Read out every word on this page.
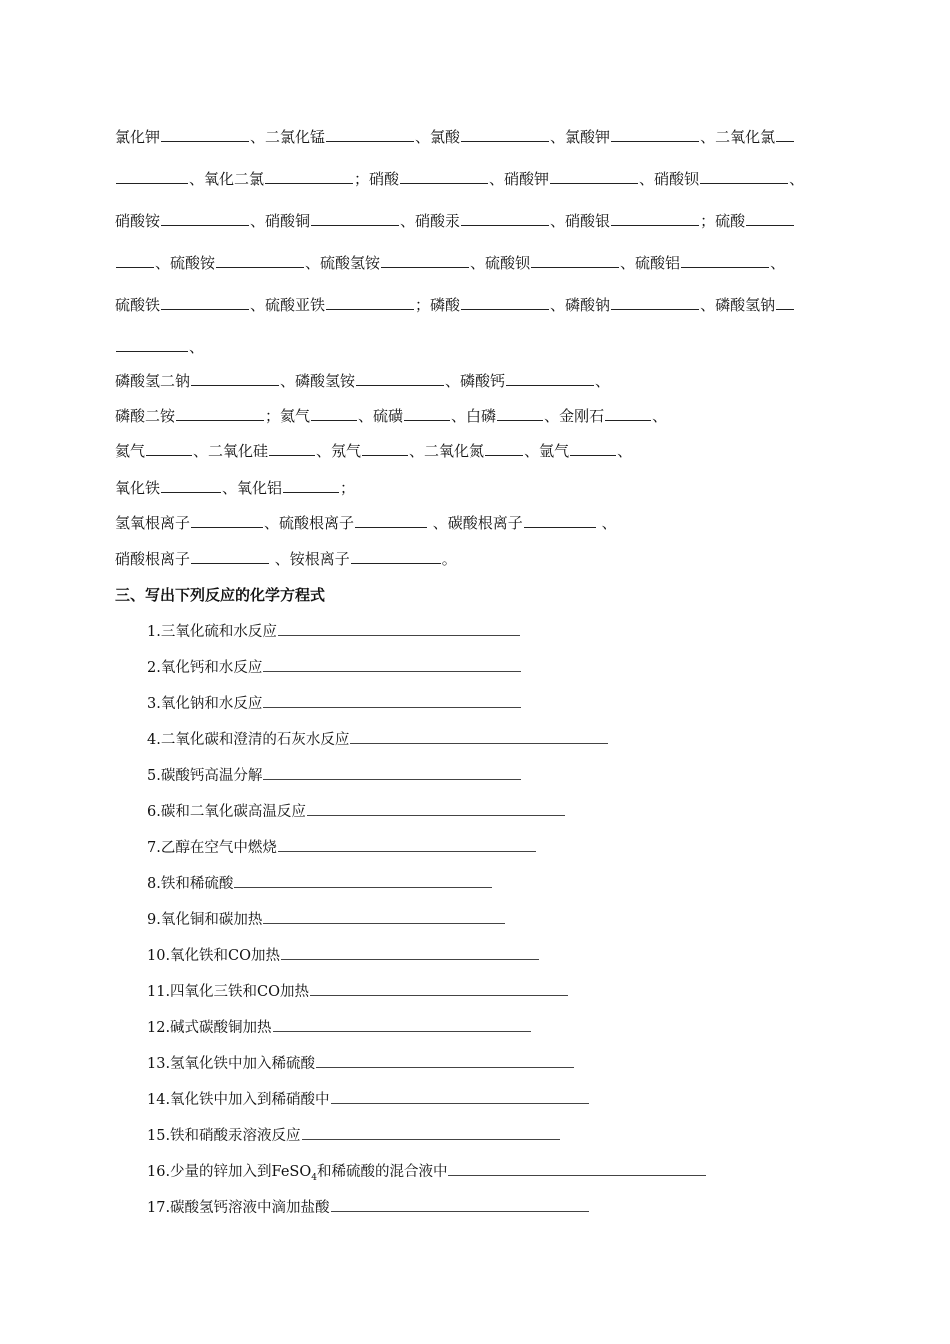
氯化钾	、二氯化锰	、氯酸	、氯酸钾	、二氧化氯
、氧化二氯	；硝酸	、硝酸钾	、硝酸钡	、
硝酸铵	、硝酸铜	、硝酸汞	、硝酸银	；硫酸
、硫酸铵	、硫酸氢铵	、硫酸钡	、硫酸铝	、
硫酸铁	、硫酸亚铁	；磷酸	、磷酸钠	、磷酸氢钠
、
磷酸氢二钠	、磷酸氢铵	、磷酸钙	、
磷酸二铵	；氦气	、硫磺	、白磷	、金刚石	、
氦气	、二氧化硅	、氖气	、二氧化氮	、氩气	、
氧化铁	、氧化铝	；
氢氧根离子	、硫酸根离子	、碳酸根离子	、
硝酸根离子	、铵根离子	。
三、写出下列反应的化学方程式
1.三氧化硫和水反应
2.氧化钙和水反应
3.氧化钠和水反应
4.二氧化碳和澄清的石灰水反应
5.碳酸钙高温分解
6.碳和二氧化碳高温反应
7.乙醇在空气中燃烧
8.铁和稀硫酸
9.氧化铜和碳加热
10.氧化铁和CO加热
11.四氧化三铁和CO加热
12.碱式碳酸铜加热
13.氢氧化铁中加入稀硫酸
14.氧化铁中加入到稀硝酸中
15.铁和硝酸汞溶液反应
16.少量的锌加入到FeSO$_4$和稀硫酸的混合液中
17.碳酸氢钙溶液中滴加盐酸
